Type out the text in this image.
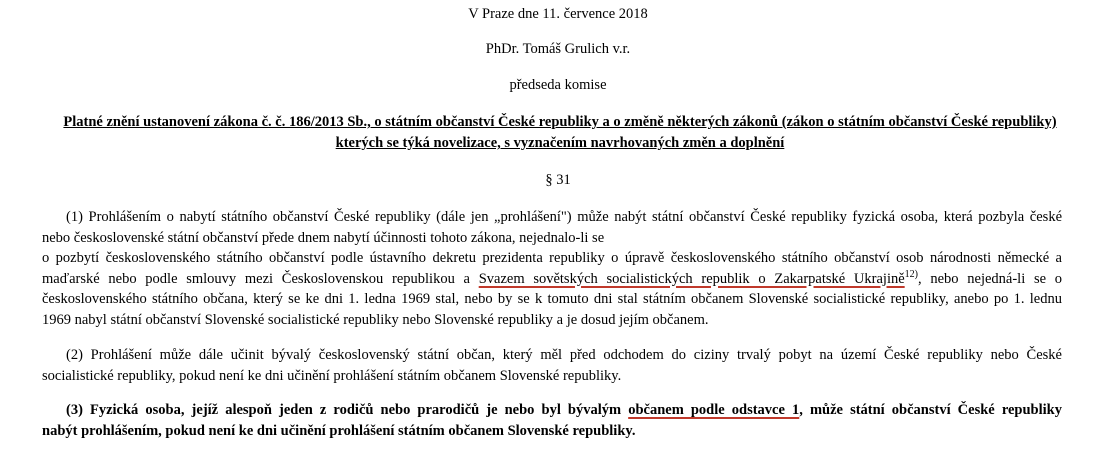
V Praze dne 11. července 2018
PhDr. Tomáš Grulich v.r.
předseda komise
Platné znění ustanovení zákona č. č. 186/2013 Sb., o státním občanství České republiky a o změně některých zákonů (zákon o státním občanství České republiky) kterých se týká novelizace, s vyznačením navrhovaných změn a doplnění
§ 31
(1) Prohlášením o nabytí státního občanství České republiky (dále jen „prohlášení") může nabýt státní občanství České republiky fyzická osoba, která pozbyla české
nebo československé státní občanství přede dnem nabytí účinnosti tohoto zákona, nejednalo-li se
o pozbytí československého státního občanství podle ústavního dekretu prezidenta republiky o úpravě československého státního občanství osob národnosti německé a
maďarské nebo podle smlouvy mezi Československou republikou a Svazem sovětských socialistických republik o Zakarpatské Ukrajině$^{12)}$, nebo nejedná-li se o
československého státního občana, který se ke dni 1. ledna 1969 stal, nebo by se k tomuto dni stal státním občanem Slovenské socialistické republiky, anebo po 1. lednu
1969 nabyl státní občanství Slovenské socialistické republiky nebo Slovenské republiky a je dosud jejím občanem.
(2) Prohlášení může dále učinit bývalý československý státní občan, který měl před odchodem do ciziny trvalý pobyt na území České republiky nebo České
socialistické republiky, pokud není ke dni učinění prohlášení státním občanem Slovenské republiky.
(3) Fyzická osoba, jejíž alespoň jeden z rodičů nebo prarodičů je nebo byl bývalým občanem podle odstavce 1, může státní občanství České republiky
nabýt prohlášením, pokud není ke dni učinění prohlášení státním občanem Slovenské republiky.
